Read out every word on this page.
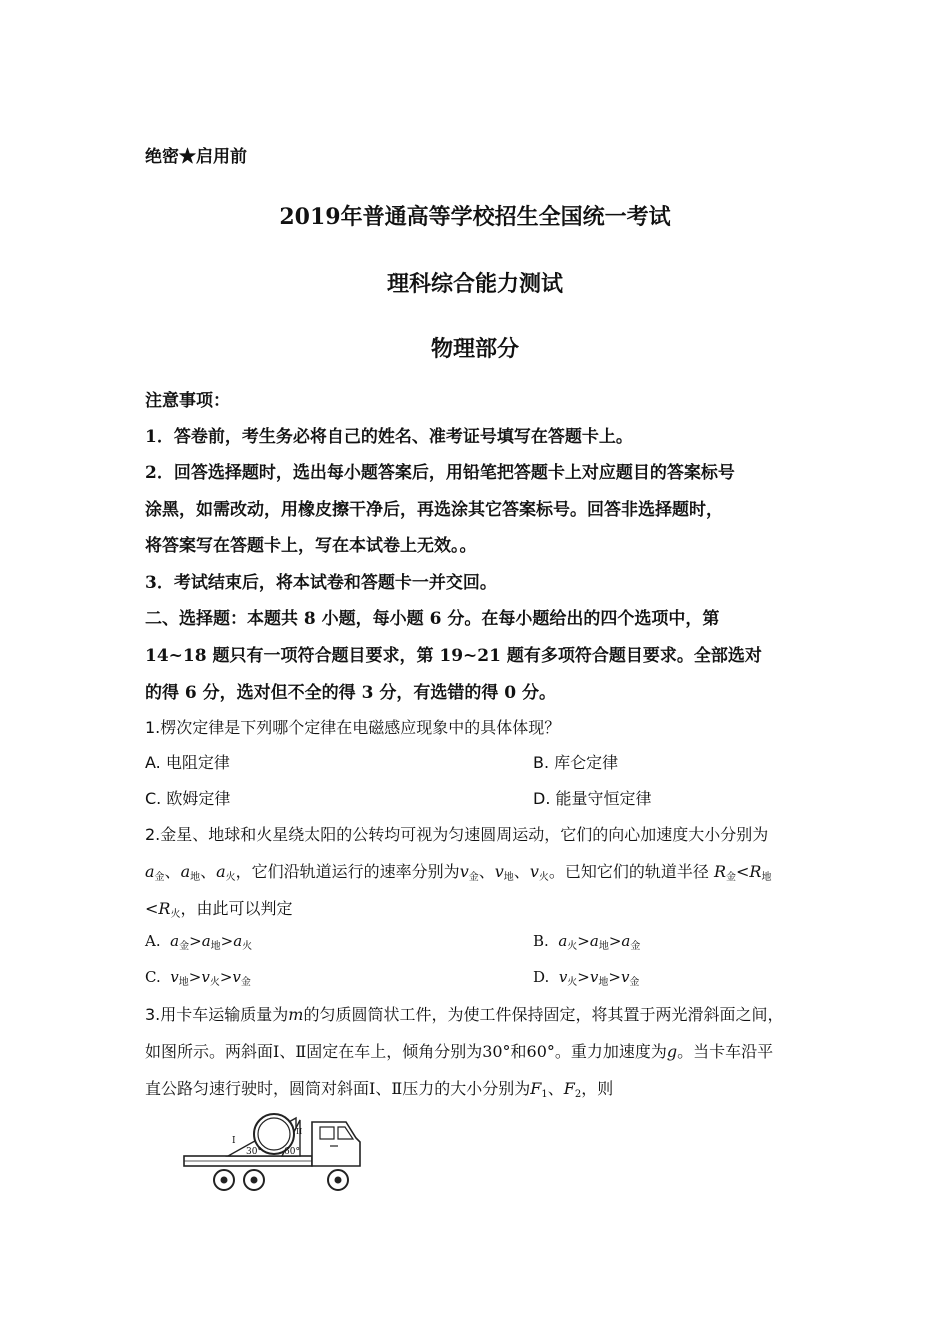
绝密★启用前
2019年普通高等学校招生全国统一考试
理科综合能力测试
物理部分
注意事项：
1．答卷前，考生务必将自己的姓名、准考证号填写在答题卡上。
2．回答选择题时，选出每小题答案后，用铅笔把答题卡上对应题目的答案标号
涂黑，如需改动，用橡皮擦干净后，再选涂其它答案标号。回答非选择题时，
将答案写在答题卡上，写在本试卷上无效。。
3．考试结束后，将本试卷和答题卡一并交回。
二、选择题：本题共 8 小题，每小题 6 分。在每小题给出的四个选项中，第
14~18 题只有一项符合题目要求，第 19~21 题有多项符合题目要求。全部选对
的得 6 分，选对但不全的得 3 分，有选错的得 0 分。
1.楞次定律是下列哪个定律在电磁感应现象中的具体体现？
A. 电阻定律	B. 库仑定律
C. 欧姆定律	D. 能量守恒定律
2.金星、地球和火星绕太阳的公转均可视为匀速圆周运动，它们的向心加速度大小分别为
$a_金$、$a_地$、$a_火$，它们沿轨道运行的速率分别为$v_金$、$v_地$、$v_火$。已知它们的轨道半径 $R_金<R_地$
$<R_火$，由此可以判定
A. $a_金>a_地>a_火$	B. $a_火>a_地>a_金$
C. $v_地>v_火>v_金$	D. $v_火>v_地>v_金$
3.用卡车运输质量为m的匀质圆筒状工件，为使工件保持固定，将其置于两光滑斜面之间，
如图所示。两斜面Ⅰ、Ⅱ固定在车上，倾角分别为30°和60°。重力加速度为g。当卡车沿平
直公路匀速行驶时，圆筒对斜面Ⅰ、Ⅱ压力的大小分别为$F_1$、$F_2$，则
I
30°
II
60°
